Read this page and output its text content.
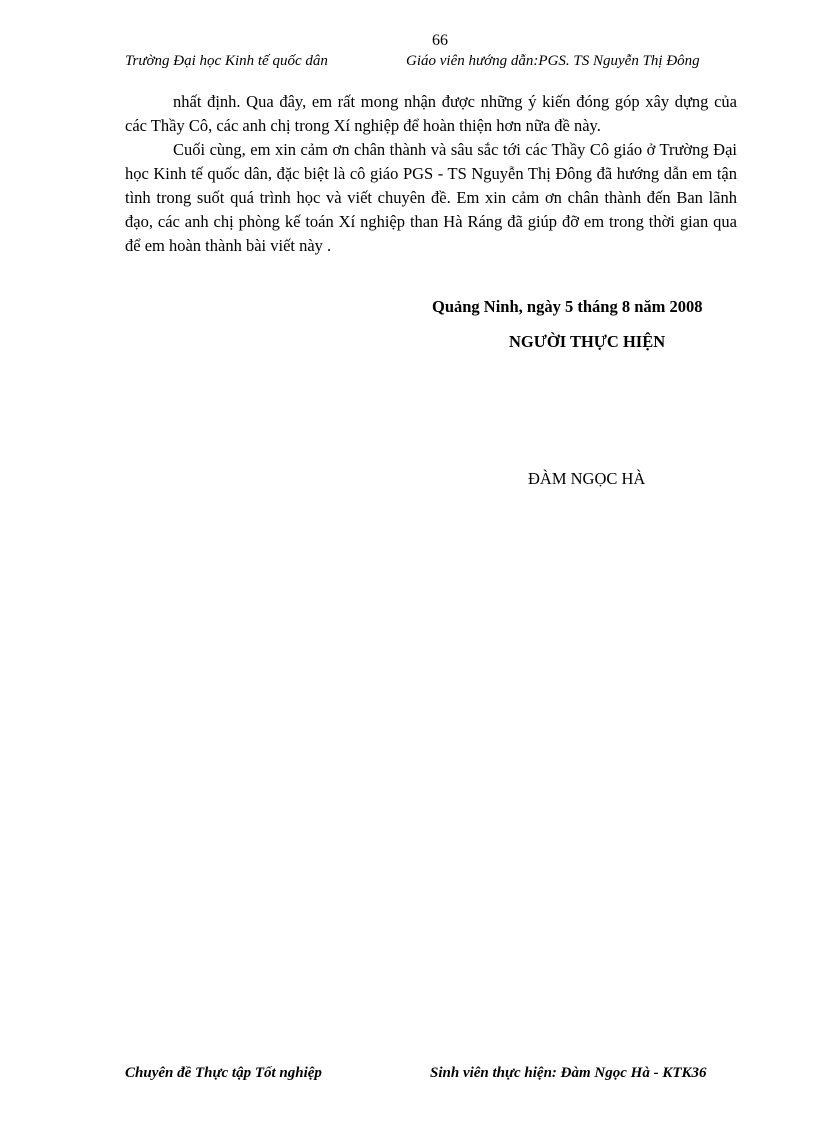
66
Trường Đại học Kinh tế quốc dân	Giáo viên hướng dẫn:PGS. TS Nguyễn Thị Đông

nhất định. Qua đây, em rất mong nhận được những ý kiến đóng góp xây dựng của các Thầy Cô, các anh chị trong Xí nghiệp để hoàn thiện hơn nữa đề này.

Cuối cùng, em xin cảm ơn chân thành và sâu sắc tới các Thầy Cô giáo ở Trường Đại học Kinh tế quốc dân, đặc biệt là cô giáo PGS - TS Nguyễn Thị Đông đã hướng dẫn em tận tình trong suốt quá trình học và viết chuyên đề. Em xin cảm ơn chân thành đến Ban lãnh đạo, các anh chị phòng kế toán Xí nghiệp than Hà Ráng đã giúp đỡ em trong thời gian qua để em hoàn thành bài viết này .

Quảng Ninh, ngày 5 tháng 8 năm 2008
NGƯỜI THỰC HIỆN
ĐÀM NGỌC HÀ
Chuyên đề Thực tập Tốt nghiệp	Sinh viên thực hiện: Đàm Ngọc Hà - KTK36
